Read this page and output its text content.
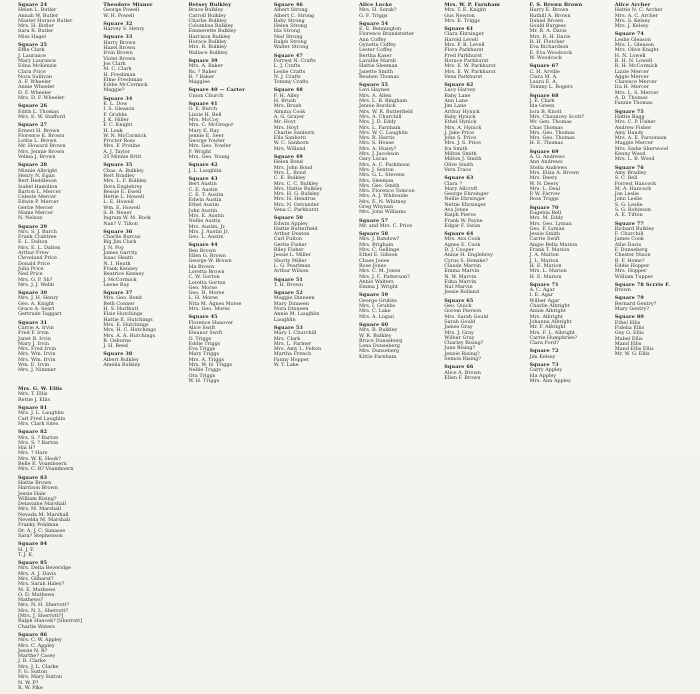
Square 24
Helen L. Butler
Annah W. Butler
Master Horace Butler
Mrs. H. Butler
Sara R. Butler
Miss Hagel
Square 25
Effie Clark
J. Laurance
Mary Laurance
Edna McKenzie
Clara Price
Nora Sullivan
A. F. Wheeler
Annie Wheeler
D. F. Wheeler
Mrs. D. F. Wheeler
Square 26
Edith L. Thomas
Mrs. E. W. Stafford
Square 27
Ernest H. Brown
Florence E. Brown
Lottie L. Brown
Mr. Howard Brown
Mrs. Jennie Brown
Velma J. Brown
Square 28
Minnie Albright
Henry N. Egan
Bert Heddleson
Isabel Hamilton
Barton L. Mercer
Celeste Mercer
Edwin P. Mercer
Gertie Mercer
Mame Mercer
N. Nelson
Square 29
Mrs. S. J. Burch
Frank Crabtree
E. L. Dalton
Mrs. E. L. Dalton
Arthur Frew
Cleveland Price
Donald Price
Julia Price
Ned Price
Mrs. G. P. Sh?
Mrs. J. J. Webb
Square 30
Mrs. J. H. Henry
Geo. A. Knight
Grace A. Searl
Gertrude Taggart
Square 31
Carrie A. Irvin
Fred F. Irvin
Janet B. Irvin
Mary J. Irvin
Mrs. Fred Irvin
Mrs. Wm. Irvin
Mrs. Wm. Irvin
Wm. E. Irvin
Mrs. J. Nimmer
Theodore Mixner
George Powell
W. H. Powell
Square 32
Harvey S. Henry
Square 33
Harry Brown
Hazel Brown
Irvin Brown
Violet Brown
Jos Clark
M. C. Clark
H. Freshman
Elme Freshman
Eddie McCormick
Maggie?
Square 34
E. L. Dow
I. S. Gleason
F. Grubbs
J. K. Hiller
F. C. Knight
H. Leak
W. N. McCormick
Proctor Ross
Mrs. F. Protine
A. J. Taylor
35 Minnie Britt
Square 35
Chas. A. Bulkley
Bert Bradley
Mrs. L. F. Bulkley
Dora Englebrey
Bessie E. Ewell
Hettie L. Howell
L. E. Howell
Wm. E. Howell
S. B. Neuer
Ingram W. M. Rook
Nan? V. Tilton
Square 36
Charlie Burcus
Big Jim Clark
J. N. Foy
James Garrity
Isaac Heath
N. I. Heath
Frank Kenney
Beatrice Kenney
J. McCormick
Leone Ray
Square 37
Mrs. Geo. Bond
Beth Conner
H. S. Hurlbutt
Elsie Hutchings
Hattie E. Hutchings
Mrs. E. Hutchings
Mrs. H. C. Hutchings
Mrs. A. A. Hutchings
R. Osborne
J. H. Reed
Square 38
Albert Bulkley
Amelia Bulkley
Betsey Bulkley
Bruce Bulkley
Carroll Bulkley
Charlie Bulkley
Columbus Bulkley
Emmerette Bulkley
Harrison Bulkley
Horace Bulkley
Mrs. R. Bulkley
Wallace Bulkley
Square 39
Mrs. A. Baker
Rs. ? Baker
R. ? Baker
Maggiee
Square 40 — Carter
Union Church
Square 41
O. E. Burch
Lizzie H. Bell
Mrs. McCoy
Mrs. C. McGregor
Mary E. Ray
Jennie E. Seer
George Yowler
Mrs. Geo. Yowler
F. Wright
Mrs. Geo. Young
Square 42
J. L. Laughlin
Square 43
Bert Austin
C. E. Austin
C. E. T. Austin
Edwin Austin
Ethel Austin
John Austin
Mrs. E. Austin
Nellie Austin
Mrs. Austin, Jr.
Mrs. J. Austin Jr.
Geo. L. Austin
Square 44
Ben Brown
Ellen G. Brown
George W. Brown
Ida Brown
Loretta Brown
C. W. Gorton
Loretta Gorton
Geo. Morse
Geo. H. Morse
L. H. Morse
Nita M. Agnes Morse
Mrs. Geo. Morse
Square 45
Florence Hanover
Alice Swift
Eleanor Swift
O. Triggs
Eddie Triggs
Eva Triggs
Mary Triggs
Mrs. A. Triggs
Mrs. W. H. Triggs
Nellie Triggs
Ora Triggs
W. H. Triggs
Square 46
Albert Strong
Albert C. Strong
Baby Strong
Helen Strong
Ida Strong
Ned Strong
Ralph Strong
Walter Strong
Square 47
Forrest N. Crafts
L. J. Crafts
Leslie Crafts
N. J. Crafts
Tommy Crafts
Square 48
F. H. Alley
H. Brush
Mrs. Brush
Almina Cook
A. G. Grayer
Mr. Hoyt
Mrs. Hoyt
Charlie Sanborn
Ella Sanborn
W. C. Sanborn
Mrs. Willand
Square 49
Helen Bond
Mrs. John Bond
Mrs. L. Bond
C. E. Bulkley
Mrs. C. C. Bulkley
Mrs. Hattie Bulkley
Mrs. H. G. Bulkley
Mrs. H. Hendrus
Mrs. N. Ostrander
Vena C. Parkhurst
Square 50
Edwin Appley
Hattie Butterfield
Arthur Dexton
Carl Fulton
Gertie Fisher
Riley Fisher
Jessie L. Miller
Shorty Miller
L. G. Pearlman
Arthur Wilson
Square 51
T. H. Brown
Square 52
Maggie Dinneen
Mary Dinneen
Nora Dinneen
Annie M. Laughlin
Laughlin
Square 53
Mary I. Churchill
Mrs. Clark
Mrs. L. Farmer
Mrs. Amy L. Felton
Martha French
Fanny Hopper
W. T. Lake
Alice Locke
Mrs. H. Sorak?
G. F. Triggs
Square 54
E. E. Bennington
Florence Brandstetter
Ann Coffey
Gynetta Coffey
Lester Coffey
Bertha Kaser
Lavallie Marsh
Hattie Sleeman
Janette Smith
Reuben Thomas
Square 55
Levi Haynes
Mrs. A. Allen
Mrs. L. B. Bingham
Jennie Burdick
Mrs. W. R. Butterfield
Mrs. A. Churchill
Mrs. J. D. Eddy
Mrs. L. Farnham
Mrs. W. C. Laughlin
Mrs. R. Harris
Mrs. S. House
Mrs. A. Hussy?
Mrs. J. Jacobson
Gary Lucas
Mrs. A. C. Parkinson
Mrs. J. Sexton
Mrs. G. L. Stevens
Mrs. Sleeman
Mrs. Geo. Smith
Mrs. Florence Tomcon
Mrs. A. J. Whiteside
Mrs. E. N. Whitney
Greg Whynan
Mrs. John Williams
Square 57
Mr. and Mrs. C. Price
Square 58
Mrs. J. Bandow?
Mrs. Brigham
Mrs. C. Gellinge
Ethel E. Gibson
Chase Jones
Rose Jones
Mrs. C. M. Jones
Mrs. J. C. Patterson?
Annie Walters
Emma J. Wright
Square 59
George Grubbs
Mrs. I. Grubbs
Mrs. C. Lake
Mrs. A. Logan
Square 60
Mrs. R. Bulkley
W. R. Bulkley
Bruce Dunseberg
Lena Dunseberg
Mrs. Dunseberg
Kittie Farnham
Mrs. W. P. Farnham
Mrs. T. E. Knight
Gus Newton
Mrs. E. Triggs
Square 61
Clara Ehrsinger
Harold Levell
Mrs. F. B. Levell
Flora Parkhurst
Fred Parkhurst
Horace Parkhurst
Mrs. E. W. Parkhurst
Mrs. E. W. Parkhurst
Vena Parkhurst
Square 62
Lucy Harvey
Baby Lane
Ann Lane
Jim Lane
Arthur Hynick
Baby Hynick
Ethel Hynick
Mrs. A. Hynick
J. Jake Price
John S. Price
Mrs. J. S. Price
Ira Smith
Milton Smith
Milton J. Smith
Olive Smith
Vera Trace
Square 63
Clara ?
Mary Allcroft
George Ehrsinger
Nellie Ehrsinger
Nettie Ehrsinger
Ava Jones
Ralph Pierce
Frank W. Payne
Edgar F. Swan
Square 64
Mrs. Ava Cook
Agnes E. Cook
D. J. Cooper
Annie H. Englebrey
Cyrus S. Henske?
Claude Marvin
Emma Marvin
N. W. Marvin
Edna Marvin
Nat Marvin
Jessie Rolland
Square 65
Geo. Quick
Gorom Pierson
Mrs. Sarah Gould
Sarah Gould
James Gray
Mrs. J. Gray
Wilbur Gray
Charley Rising?
June Rising?
Jennie Rising?
Semon Rising?
Square 66
Alice A. Brown
Ellen F. Brown
F. S. Brown Brown
Harry E. Brown
Ruthill A. Brown
Daniel Brown
Gould Burgess
Mr. R. A. Davis
Mrs. R. H. Davis
R. H. Fletcher
Eva Richardson
E. Eva Woodcock
W. Woodcock
Square 67
C. H. Arville
Clara M. A.
Laura E. A.
Tommy L. Rogers
Square 68
J. E. Clark
Ida Green
Iora B. Knott
Mrs. Chauncey Scott?
Wr. Gen. Thomas
Chas Thomas
Mrs. Geo. Thomas
Mrs. Geo. Thomas
H. E. Thomas
Square 69
A. G. Andrews
Ann Andrews
Stella Andrews
Mrs. Eliza A. Brown
Mrs. Deery
W. N. Deery
Mrs. L. Deal
P. W. Farrow
Ross Triggs
Square 70
Eugenia Bell
Mrs. M. Eddy
Mrs. Geo. Lyman
Geo. F. Lyman
Jessie Smith
Carrie Swift
Angie Bella Marion
Frank T. Marion
J. A. Marion
J. L. Marion
H. E. Marion
Mrs. L. Marion
H. E. Marion
Square 71
A. C. Agar
I. E. Agar
Wilber Agar
Charlie Albright
Annie Albright
Mrs. Albright
Johanna Albright
Mr. F. Albright
Mrs. F. L. Albright
Carrie Humphries?
Clara Ford?
Square 72
Jim Kelsey
Square 73
Carry Appley
Ida Appley
Mrs. Ann Appley
Alice Archer
Hattie N. C. Archer
Mrs. A. C. Archer
Mrs. S. Kelsey
Mrs. J. Kelsey
Square 74
Leslie Gleason
Mrs. L. Gleason
Mrs. Olive Knight
H. N. Lowell
B. H. N. Lowell
R. H. McCormick
Lizzie Mercer
Aggie Mercer
Clarence Mercer
Ira H. Mercer
Mrs. L. S. Mercer
A. D. Thomas
Fannie Thomas
Square 75
Hattie Bagg
Mrs. C. P. Fisher
Andrew Fisher
Amy Handy
Mrs. A. E. Parsonson
Maggie Mercer
Mrs. Sadie Sherwood
Kenny Wood
Mrs. L. B. Wood
Square 76
Amy Bradley
S. C. Bell
Forrest Hancock
M. A. Hancock
Jon Leslie
John Leslie
S. G. Leslie
S. G. Robinson
A. E. Tifton
Square 77
Richard Bulkley
F. Churchill
James Cook
Allie Davis
F. Dunseberg
Chester Nixon
B. F. Home?
Eddie Hopper
Mrs. Hopper
William Tupper
Square 78 Scrrie F.
Brown
Square 79
Bernard Gentry?
Mary Gentry?
Square 80
Ethel Ellis
Fidelia Ellis
Guy G. Ellis
Mabel Ellis
Mand Ellis
Mand Ellis Ellis
Mr. W. G. Ellis
Mrs. G. W. Ellis
Mrs. T. Ellis
Rettie J. Ellis
Square 81
Mrs. J. L. Laughlin
Carl Fred Laughlin
Mrs. Clark Sites
Square 82
Mrs. S. ? Barton
Mrs. S. ? Barton
Hal H?
Mrs. ? Hare
Mrs. W. K. Hook?
Belle E. Voamboern
Mrs. C. R? Voamboern
Square 83
Hattie Brown
Harrison Brown
Jessie Hale
William Rising?
Delavaine Marshall
Mrs. M. Marshall
Nevada M. Marshall
Nevelda M. Marshall
Franky Pohlman
Dr. A. J. C. Sanasse
Sara? Stephenson
Square 84
H. J. F.
T. J. K.
Square 85
Mrs. Delta Beveridge
Mrs. A. J. Davis
Mrs. Gilbarst?
Mrs. Sarah Haley?
M. E. Mathews
O. D. Mathews
Mathews?
Mrs. N. H. Sherrott?
Mrs. N. L. Sherrott?
[Mrs. J. Sherrott?]
Ralph Hancek? [Sherrott]
Charlie Waters
Square 86
Mrs. C. W. Appley
Mrs. C. Appley
Jessie N. R?
Marthe? Casey
J. R. Clarke
Mrs. J. L. Clarke
F. G. Sutton
Mrs. Mary Sutton
N. W. P?
R. W. Pike
